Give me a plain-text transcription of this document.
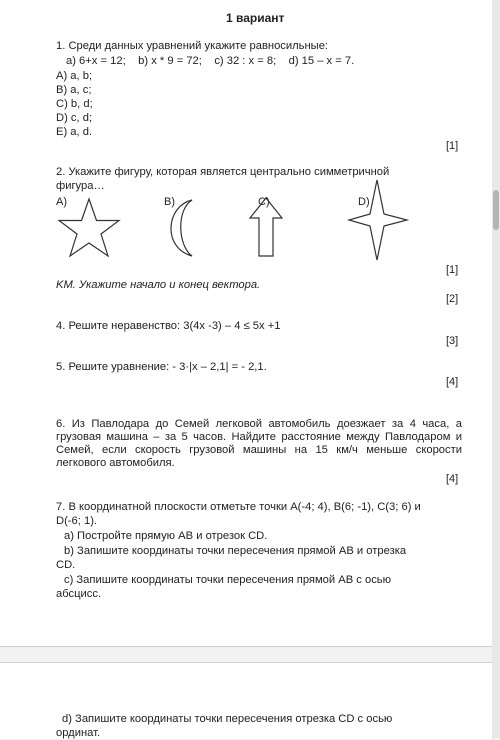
1 вариант
1. Среди данных уравнений укажите равносильные:
a) 6+x = 12;    b) x * 9 = 72;    c) 32 : x = 8;    d) 15 – x = 7.
A) a, b;
B) a, c;
C) b, d;
D) c, d;
E) a, d.
[1]
2. Укажите фигуру, которая является центрально симметричной
фигура…
A)	B)	C)	D)
[1]
KM. Укажите начало и конец вектора.
[2]
4. Решите неравенство: 3(4x -3) – 4 ≤ 5x +1
[3]
5. Решите уравнение: - 3·|x – 2,1| = - 2,1.
[4]
6. Из Павлодара до Семей легковой автомобиль доезжает за 4 часа, а грузовая машина – за 5 часов. Найдите расстояние между Павлодаром и Семей, если скорость грузовой машины на 15 км/ч меньше скорости легкового автомобиля.
[4]
7. В координатной плоскости отметьте точки A(-4; 4), B(6; -1), C(3; 6) и
D(-6; 1).
a) Постройте прямую AB и отрезок CD.
b) Запишите координаты точки пересечения прямой AB и отрезка
CD.
c) Запишите координаты точки пересечения прямой AB с осью
абсцисс.
d) Запишите координаты точки пересечения отрезка CD с осью
ординат.
